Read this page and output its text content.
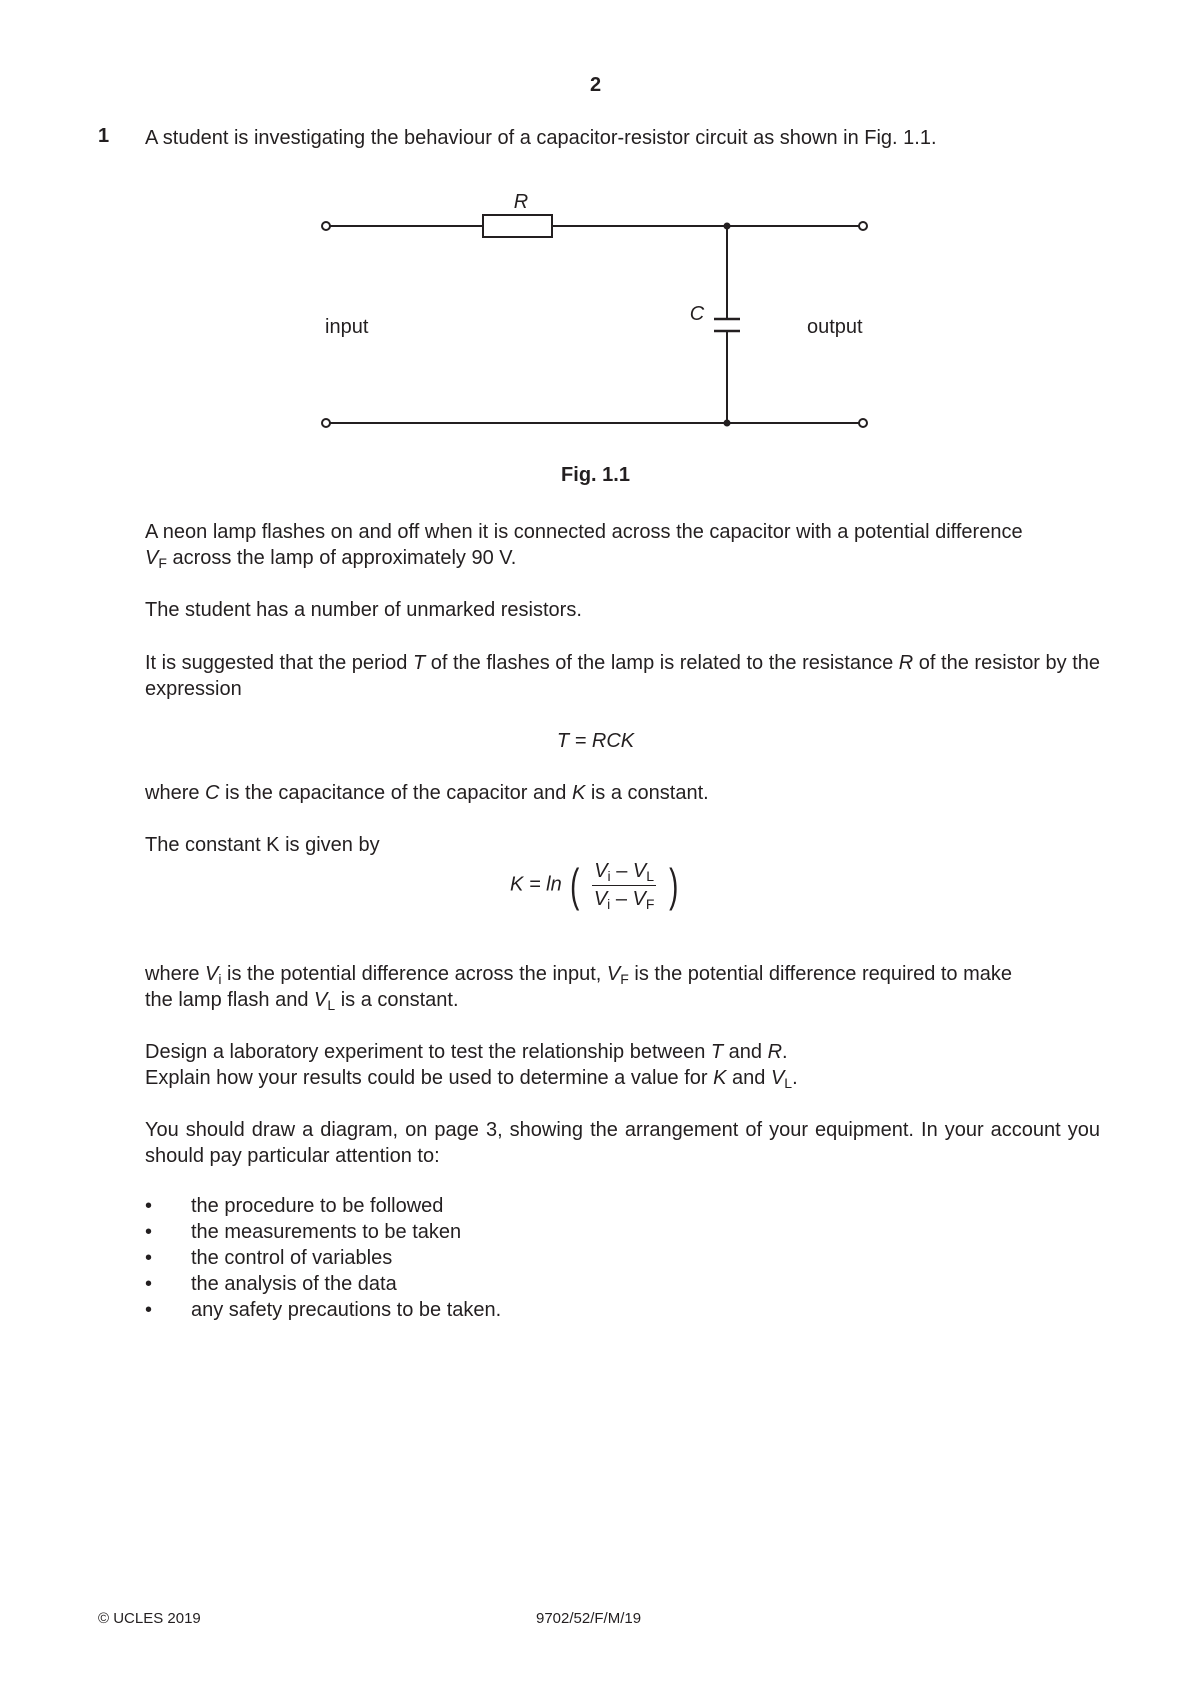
2
1 A student is investigating the behaviour of a capacitor-resistor circuit as shown in Fig. 1.1.
R
C
input	output
Fig. 1.1
A neon lamp flashes on and off when it is connected across the capacitor with a potential difference
$V_F$ across the lamp of approximately 90 V.
The student has a number of unmarked resistors.
It is suggested that the period T of the flashes of the lamp is related to the resistance R of the resistor by the expression
T = RCK
where C is the capacitance of the capacitor and K is a constant.
The constant K is given by
K = ln ( $\frac{V_i - V_L}{V_i - V_F}$ )
where $V_i$ is the potential difference across the input, $V_F$ is the potential difference required to make
the lamp flash and $V_L$ is a constant.
Design a laboratory experiment to test the relationship between T and R.
Explain how your results could be used to determine a value for K and $V_L$.
You should draw a diagram, on page 3, showing the arrangement of your equipment. In your account you should pay particular attention to:
•	the procedure to be followed
•	the measurements to be taken
•	the control of variables
•	the analysis of the data
•	any safety precautions to be taken.
© UCLES 2019	9702/52/F/M/19
